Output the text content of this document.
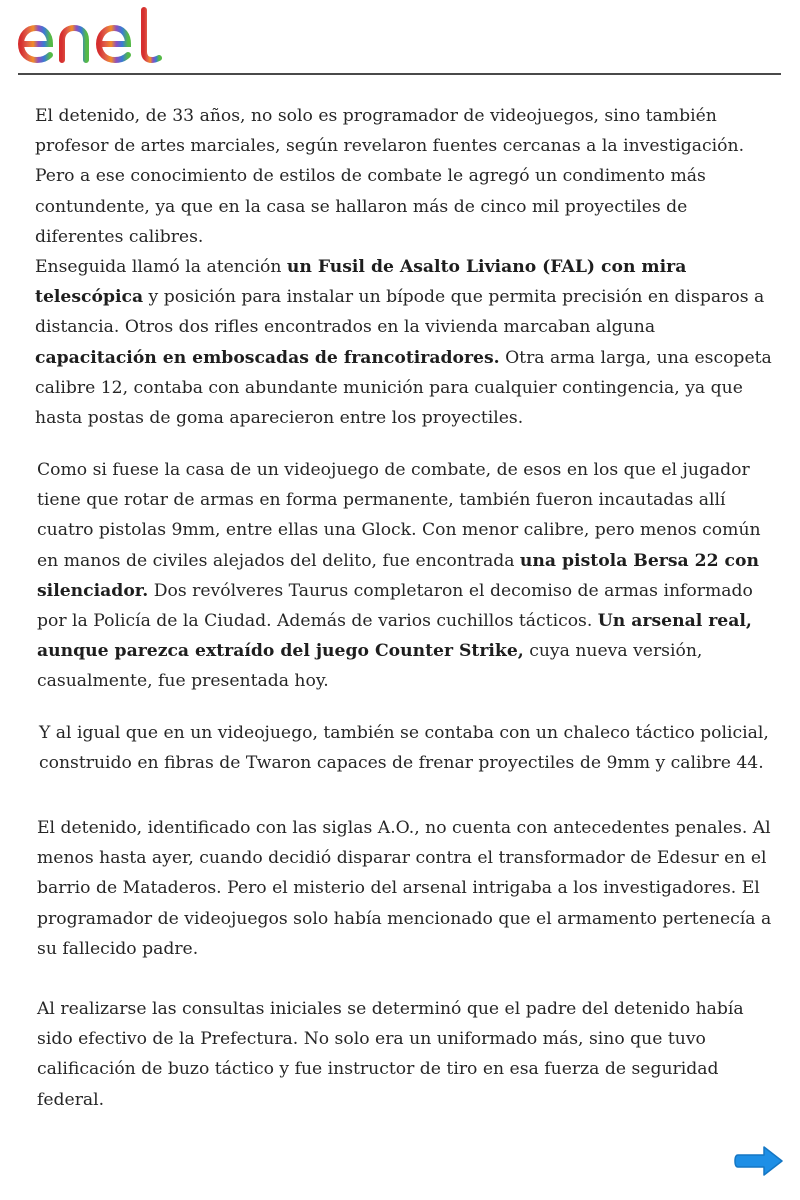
El detenido, de 33 años, no solo es programador de videojuegos, sino también profesor de artes marciales, según revelaron fuentes cercanas a la investigación. Pero a ese conocimiento de estilos de combate le agregó un condimento más contundente, ya que en la casa se hallaron más de cinco mil proyectiles de diferentes calibres.

Enseguida llamó la atención un Fusil de Asalto Liviano (FAL) con mira telescópica y posición para instalar un bípode que permita precisión en disparos a distancia. Otros dos rifles encontrados en la vivienda marcaban alguna capacitación en emboscadas de francotiradores. Otra arma larga, una escopeta calibre 12, contaba con abundante munición para cualquier contingencia, ya que hasta postas de goma aparecieron entre los proyectiles.

Como si fuese la casa de un videojuego de combate, de esos en los que el jugador tiene que rotar de armas en forma permanente, también fueron incautadas allí cuatro pistolas 9mm, entre ellas una Glock. Con menor calibre, pero menos común en manos de civiles alejados del delito, fue encontrada una pistola Bersa 22 con silenciador. Dos revólveres Taurus completaron el decomiso de armas informado por la Policía de la Ciudad. Además de varios cuchillos tácticos. Un arsenal real, aunque parezca extraído del juego Counter Strike, cuya nueva versión, casualmente, fue presentada hoy.

Y al igual que en un videojuego, también se contaba con un chaleco táctico policial, construido en fibras de Twaron capaces de frenar proyectiles de 9mm y calibre 44.

El detenido, identificado con las siglas A.O., no cuenta con antecedentes penales. Al menos hasta ayer, cuando decidió disparar contra el transformador de Edesur en el barrio de Mataderos. Pero el misterio del arsenal intrigaba a los investigadores. El programador de videojuegos solo había mencionado que el armamento pertenecía a su fallecido padre.

Al realizarse las consultas iniciales se determinó que el padre del detenido había sido efectivo de la Prefectura. No solo era un uniformado más, sino que tuvo calificación de buzo táctico y fue instructor de tiro en esa fuerza de seguridad federal.
